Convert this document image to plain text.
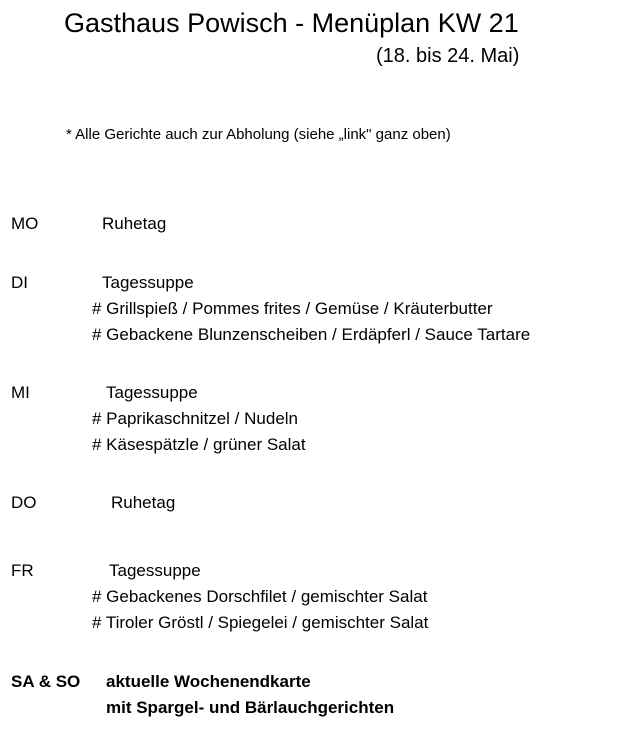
Gasthaus Powisch - Menüplan KW 21
(18. bis 24. Mai)
* Alle Gerichte auch zur Abholung (siehe „link" ganz oben)
MO	Ruhetag
DI	Tagessuppe
# Grillspieß / Pommes frites / Gemüse / Kräuterbutter
# Gebackene Blunzenscheiben / Erdäpferl / Sauce Tartare
MI	Tagessuppe
# Paprikaschnitzel / Nudeln
# Käsespätzle / grüner Salat
DO	Ruhetag
FR	Tagessuppe
# Gebackenes Dorschfilet / gemischter Salat
# Tiroler Gröstl / Spiegelei / gemischter Salat
SA & SO aktuelle Wochenendkarte
mit Spargel- und Bärlauchgerichten
